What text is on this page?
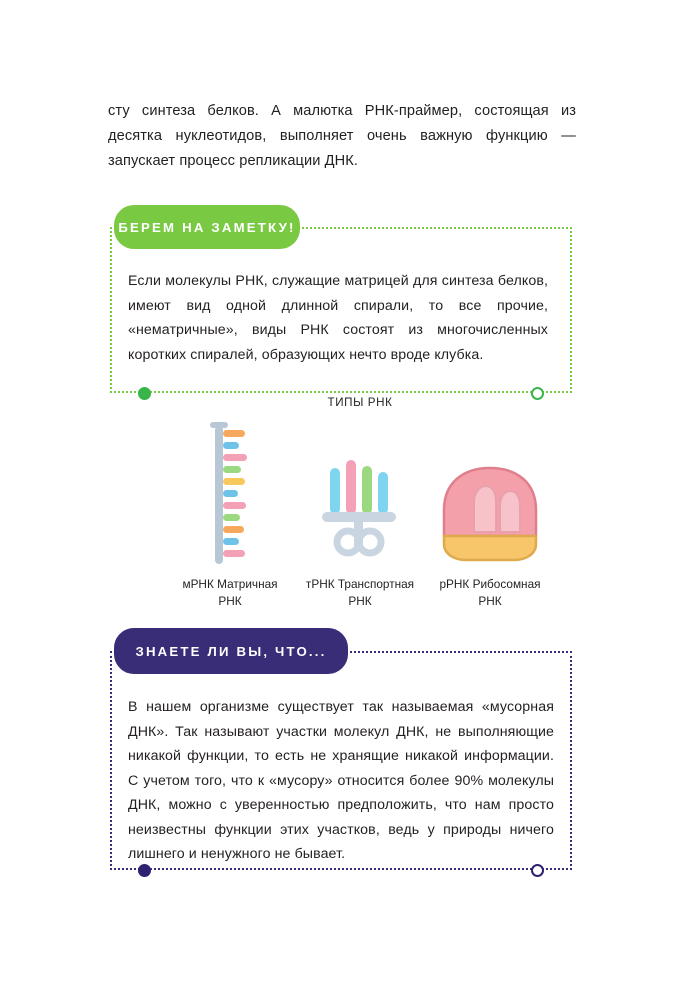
сту синтеза белков. А малютка РНК-праймер, состоящая из десятка нуклеотидов, выполняет очень важную функцию — запускает процесс репликации ДНК.

БЕРЕМ НА ЗАМЕТКУ!
Если молекулы РНК, служащие матрицей для синтеза белков, имеют вид одной длинной спирали, то все прочие, «нематричные», виды РНК состоят из многочисленных коротких спиралей, образующих нечто вроде клубка.
ТИПЫ РНК
мРНК Матричная РНК
тРНК Транспортная РНК
рРНК Рибосомная РНК
ЗНАЕТЕ ЛИ ВЫ, ЧТО...
В нашем организме существует так называемая «мусорная ДНК». Так называют участки молекул ДНК, не выполняющие никакой функции, то есть не хранящие никакой информации. С учетом того, что к «мусору» относится более 90% молекулы ДНК, можно с уверенностью предположить, что нам просто неизвестны функции этих участков, ведь у природы ничего лишнего и ненужного не бывает.
